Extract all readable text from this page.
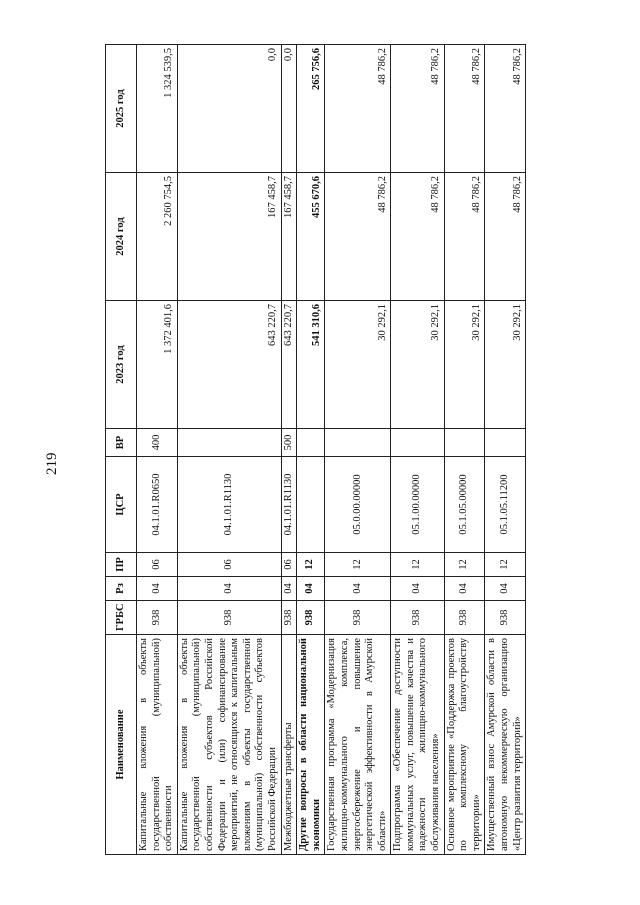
219
Наименование	ГРБС	Рз	ПР	ЦСР	ВР	2023 год	2024 год	2025 год
Капитальные вложения в объекты государственной (муниципальной) собственности	938	04	06	04.1.01.R0650	400	1 372 401,6	2 260 754,5	1 324 539,5
Капитальные вложения в объекты государственной (муниципальной) собственности субъектов Российской Федерации и (или) софинансирование мероприятий, не относящихся к капитальным вложениям в объекты государственной (муниципальной) собственности субъектов Российской Федерации	938	04	06	04.1.01.R1130		643 220,7	167 458,7	0,0
Межбюджетные трансферты	938	04	06	04.1.01.R1130	500	643 220,7	167 458,7	0,0
Другие вопросы в области национальной экономики	938	04	12			541 310,6	455 670,6	265 756,6
Государственная программа «Модернизация жилищно-коммунального комплекса, энергосбережение и повышение энергетической эффективности в Амурской области»	938	04	12	05.0.00.00000		30 292,1	48 786,2	48 786,2
Подпрограмма «Обеспечение доступности коммунальных услуг, повышение качества и надежности жилищно-коммунального обслуживания населения»	938	04	12	05.1.00.00000		30 292,1	48 786,2	48 786,2
Основное мероприятие «Поддержка проектов по комплексному благоустройству территории»	938	04	12	05.1.05.00000		30 292,1	48 786,2	48 786,2
Имущественный взнос Амурской области в автономную некоммерческую организацию «Центр развития территорий»	938	04	12	05.1.05.11200		30 292,1	48 786,2	48 786,2
